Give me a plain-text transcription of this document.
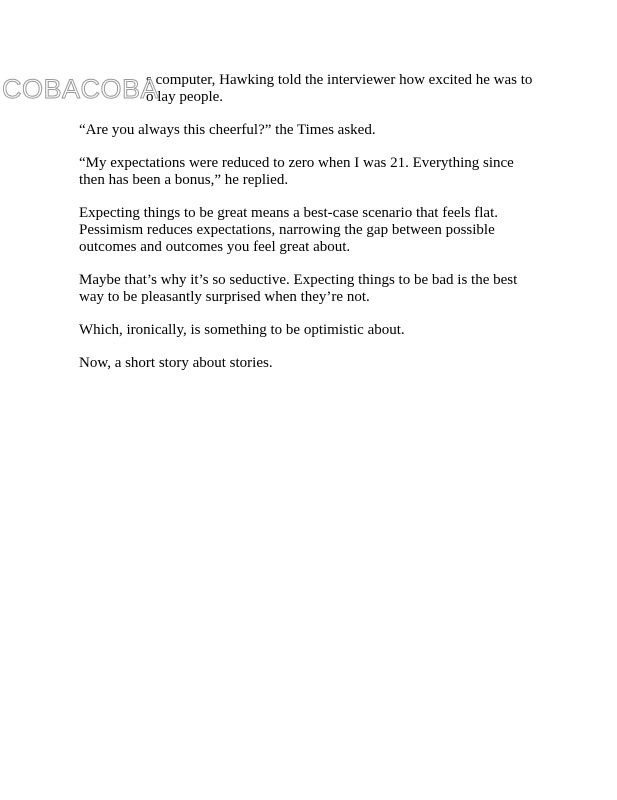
COBACOBA

s computer, Hawking told the interviewer how excited he was to
o lay people.

“Are you always this cheerful?” the Times asked.

“My expectations were reduced to zero when I was 21. Everything since
then has been a bonus,” he replied.

Expecting things to be great means a best-case scenario that feels flat.
Pessimism reduces expectations, narrowing the gap between possible
outcomes and outcomes you feel great about.

Maybe that’s why it’s so seductive. Expecting things to be bad is the best
way to be pleasantly surprised when they’re not.

Which, ironically, is something to be optimistic about.

Now, a short story about stories.
